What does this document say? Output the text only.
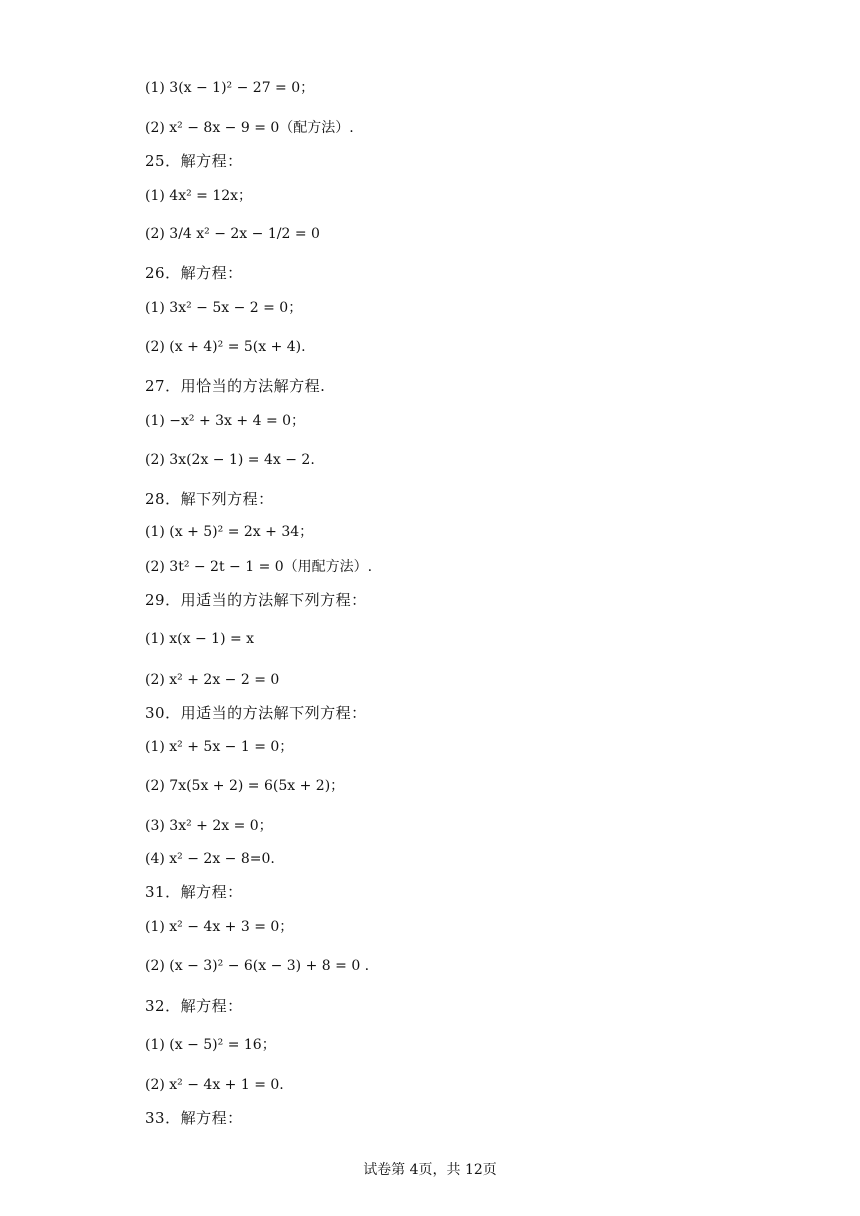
(1) 3(x − 1)² − 27 = 0；
(2) x² − 8x − 9 = 0（配方法）.
25．解方程：
(1) 4x² = 12x；
(2) 3/4 x² − 2x − 1/2 = 0
26．解方程：
(1) 3x² − 5x − 2 = 0；
(2) (x + 4)² = 5(x + 4).
27．用恰当的方法解方程.
(1) −x² + 3x + 4 = 0；
(2) 3x(2x − 1) = 4x − 2.
28．解下列方程：
(1) (x + 5)² = 2x + 34；
(2) 3t² − 2t − 1 = 0（用配方法）.
29．用适当的方法解下列方程：
(1) x(x − 1) = x
(2) x² + 2x − 2 = 0
30．用适当的方法解下列方程：
(1) x² + 5x − 1 = 0；
(2) 7x(5x + 2) = 6(5x + 2)；
(3) 3x² + 2x = 0；
(4) x² − 2x − 8=0.
31．解方程：
(1) x² − 4x + 3 = 0；
(2) (x − 3)² − 6(x − 3) + 8 = 0 .
32．解方程：
(1) (x − 5)² = 16；
(2) x² − 4x + 1 = 0.
33．解方程：
试卷第 4页，共 12页
